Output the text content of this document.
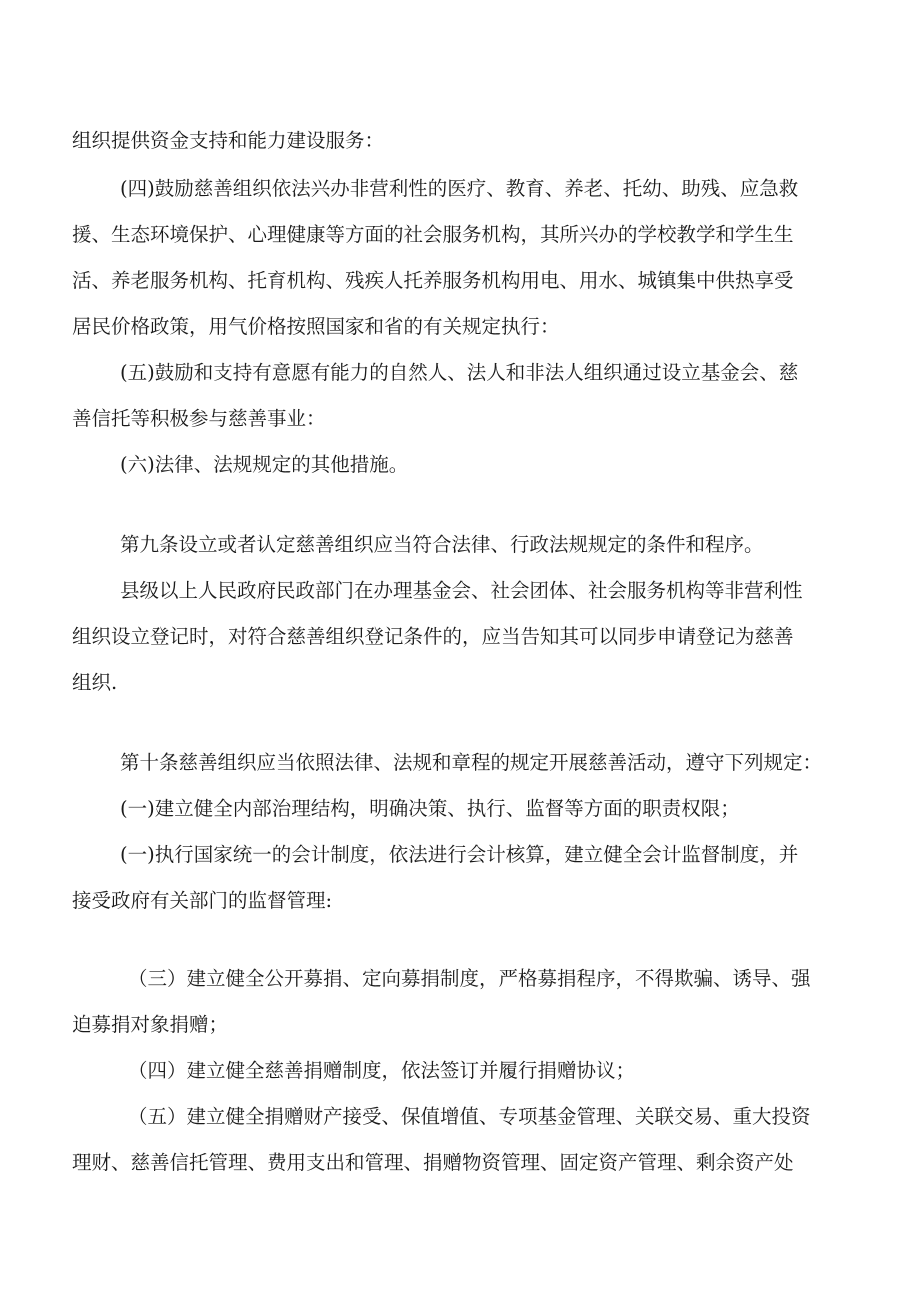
组织提供资金支持和能力建设服务：
(四)鼓励慈善组织依法兴办非营利性的医疗、教育、养老、托幼、助残、应急救
援、生态环境保护、心理健康等方面的社会服务机构，其所兴办的学校教学和学生生
活、养老服务机构、托育机构、残疾人托养服务机构用电、用水、城镇集中供热享受
居民价格政策，用气价格按照国家和省的有关规定执行：
(五)鼓励和支持有意愿有能力的自然人、法人和非法人组织通过设立基金会、慈
善信托等积极参与慈善事业：
(六)法律、法规规定的其他措施。
第九条设立或者认定慈善组织应当符合法律、行政法规规定的条件和程序。
县级以上人民政府民政部门在办理基金会、社会团体、社会服务机构等非营利性
组织设立登记时，对符合慈善组织登记条件的，应当告知其可以同步申请登记为慈善
组织.
第十条慈善组织应当依照法律、法规和章程的规定开展慈善活动，遵守下列规定：
(一)建立健全内部治理结构，明确决策、执行、监督等方面的职责权限；
(一)执行国家统一的会计制度，依法进行会计核算，建立健全会计监督制度，并
接受政府有关部门的监督管理:
（三）建立健全公开募捐、定向募捐制度，严格募捐程序，不得欺骗、诱导、强
迫募捐对象捐赠；
（四）建立健全慈善捐赠制度，依法签订并履行捐赠协议；
（五）建立健全捐赠财产接受、保值增值、专项基金管理、关联交易、重大投资
理财、慈善信托管理、费用支出和管理、捐赠物资管理、固定资产管理、剩余资产处
